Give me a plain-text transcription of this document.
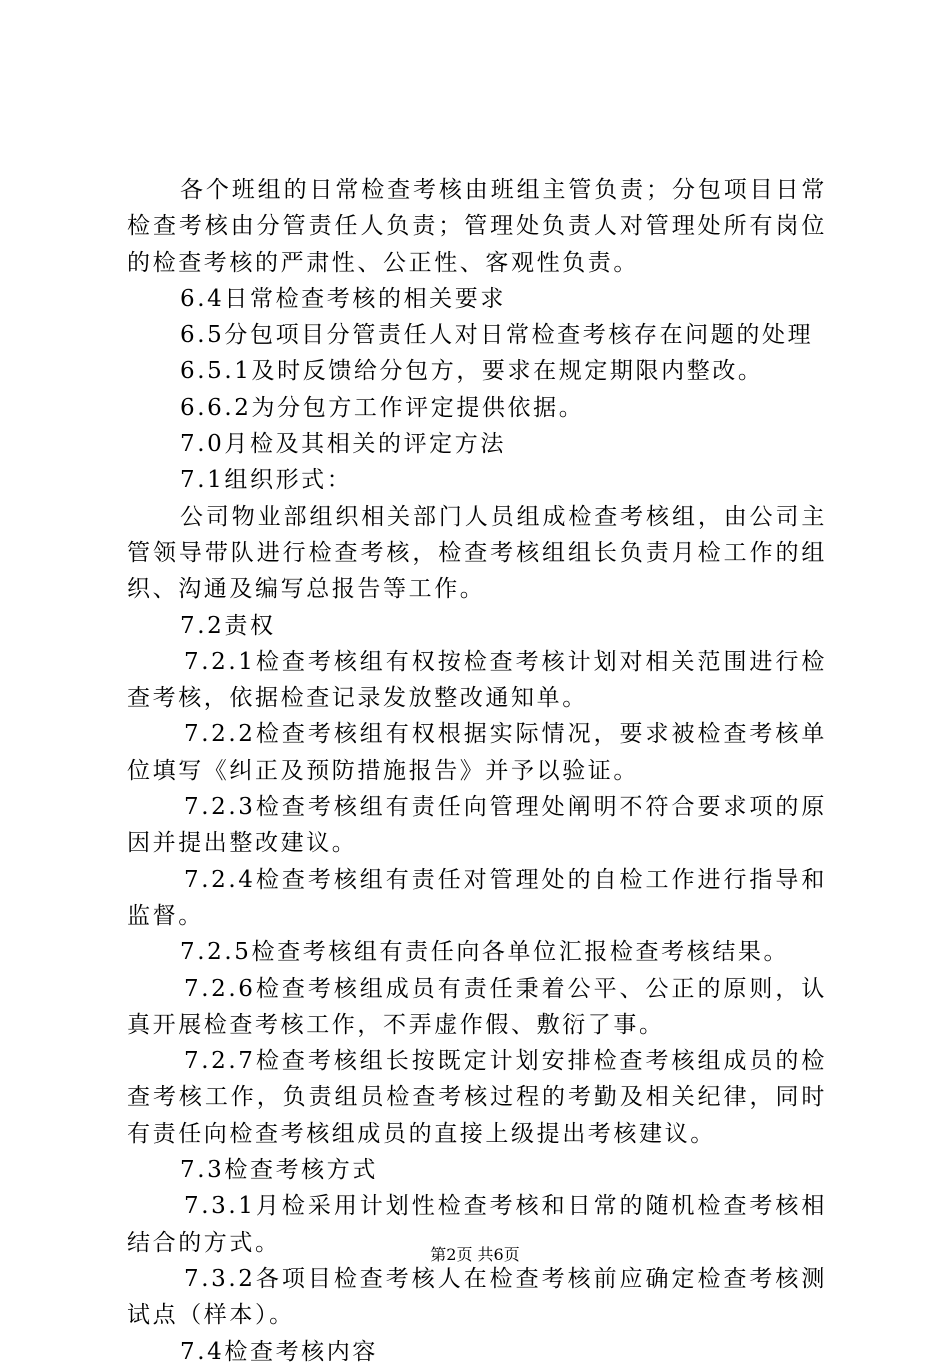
各个班组的日常检查考核由班组主管负责；分包项目日常检查考核由分管责任人负责；管理处负责人对管理处所有岗位的检查考核的严肃性、公正性、客观性负责。

6.4日常检查考核的相关要求

6.5分包项目分管责任人对日常检查考核存在问题的处理

6.5.1及时反馈给分包方，要求在规定期限内整改。

6.6.2为分包方工作评定提供依据。

7.0月检及其相关的评定方法

7.1组织形式：

公司物业部组织相关部门人员组成检查考核组，由公司主管领导带队进行检查考核，检查考核组组长负责月检工作的组织、沟通及编写总报告等工作。

7.2责权

7.2.1检查考核组有权按检查考核计划对相关范围进行检查考核，依据检查记录发放整改通知单。

7.2.2检查考核组有权根据实际情况，要求被检查考核单位填写《纠正及预防措施报告》并予以验证。

7.2.3检查考核组有责任向管理处阐明不符合要求项的原因并提出整改建议。

7.2.4检查考核组有责任对管理处的自检工作进行指导和监督。

7.2.5检查考核组有责任向各单位汇报检查考核结果。

7.2.6检查考核组成员有责任秉着公平、公正的原则，认真开展检查考核工作，不弄虚作假、敷衍了事。

7.2.7检查考核组长按既定计划安排检查考核组成员的检查考核工作，负责组员检查考核过程的考勤及相关纪律，同时有责任向检查考核组成员的直接上级提出考核建议。

7.3检查考核方式

7.3.1月检采用计划性检查考核和日常的随机检查考核相结合的方式。

7.3.2各项目检查考核人在检查考核前应确定检查考核测试点（样本）。

7.4检查考核内容

第2页 共6页
